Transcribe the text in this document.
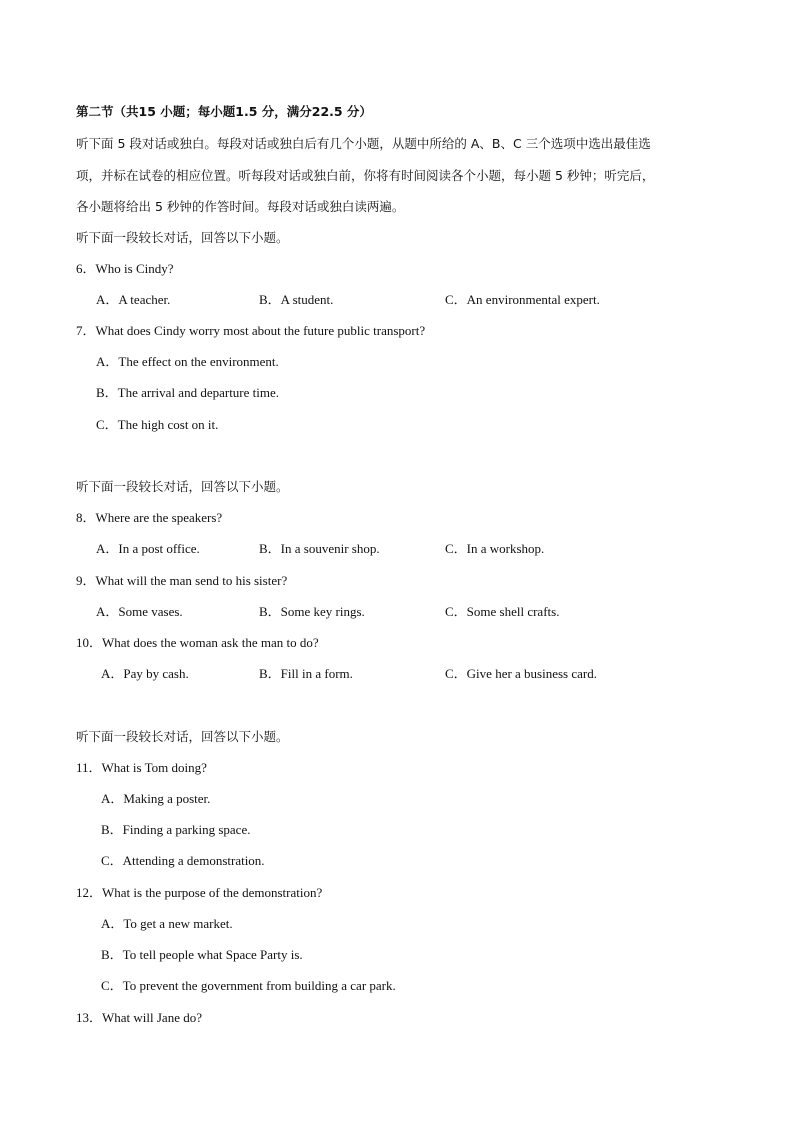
第二节（共15 小题；每小题1.5 分，满分22.5 分）
听下面 5 段对话或独白。每段对话或独白后有几个小题，从题中所给的 A、B、C 三个选项中选出最佳选
项，并标在试卷的相应位置。听每段对话或独白前，你将有时间阅读各个小题，每小题 5 秒钟；听完后，
各小题将给出 5 秒钟的作答时间。每段对话或独白读两遍。
听下面一段较长对话，回答以下小题。
6．Who is Cindy?
A．A teacher.	B．A student.	C．An environmental expert.
7．What does Cindy worry most about the future public transport?
A．The effect on the environment.
B．The arrival and departure time.
C．The high cost on it.
听下面一段较长对话，回答以下小题。
8．Where are the speakers?
A．In a post office.	B．In a souvenir shop.	C．In a workshop.
9．What will the man send to his sister?
A．Some vases.	B．Some key rings.	C．Some shell crafts.
10．What does the woman ask the man to do?
A．Pay by cash.	B．Fill in a form.	C．Give her a business card.
听下面一段较长对话，回答以下小题。
11．What is Tom doing?
A．Making a poster.
B．Finding a parking space.
C．Attending a demonstration.
12．What is the purpose of the demonstration?
A．To get a new market.
B．To tell people what Space Party is.
C．To prevent the government from building a car park.
13．What will Jane do?
